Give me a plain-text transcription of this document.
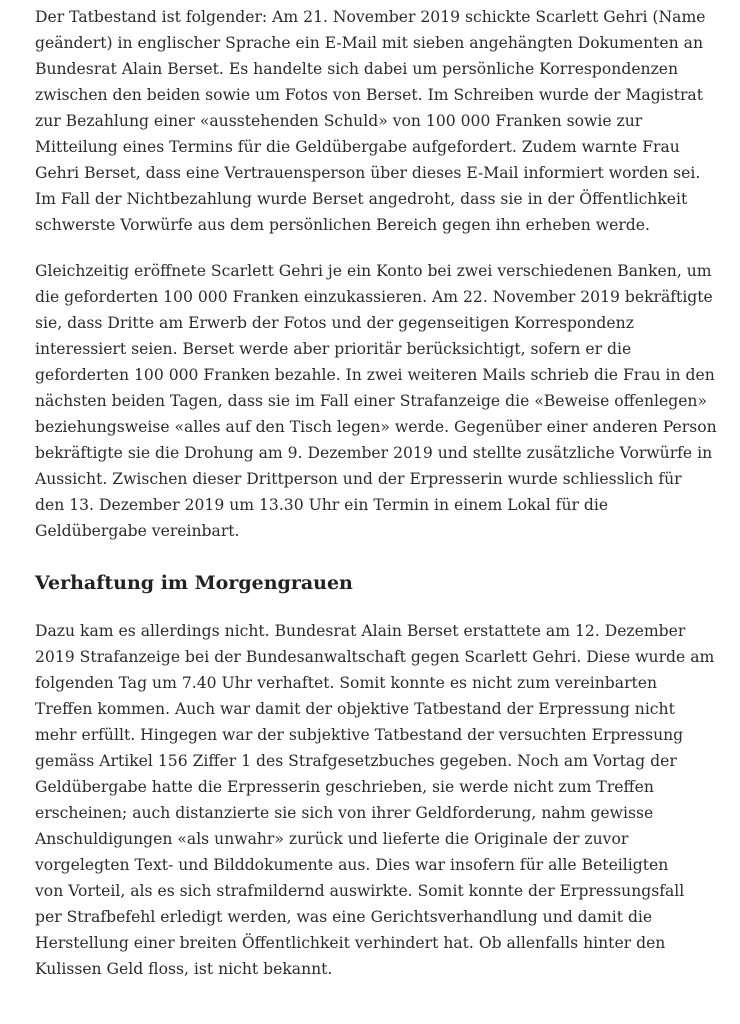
Der Tatbestand ist folgender: Am 21. November 2019 schickte Scarlett Gehri (Name
geändert) in englischer Sprache ein E-Mail mit sieben angehängten Dokumenten an
Bundesrat Alain Berset. Es handelte sich dabei um persönliche Korrespondenzen
zwischen den beiden sowie um Fotos von Berset. Im Schreiben wurde der Magistrat
zur Bezahlung einer «ausstehenden Schuld» von 100 000 Franken sowie zur
Mitteilung eines Termins für die Geldübergabe aufgefordert. Zudem warnte Frau
Gehri Berset, dass eine Vertrauensperson über dieses E-Mail informiert worden sei.
Im Fall der Nichtbezahlung wurde Berset angedroht, dass sie in der Öffentlichkeit
schwerste Vorwürfe aus dem persönlichen Bereich gegen ihn erheben werde.

Gleichzeitig eröffnete Scarlett Gehri je ein Konto bei zwei verschiedenen Banken, um
die geforderten 100 000 Franken einzukassieren. Am 22. November 2019 bekräftigte
sie, dass Dritte am Erwerb der Fotos und der gegenseitigen Korrespondenz
interessiert seien. Berset werde aber prioritär berücksichtigt, sofern er die
geforderten 100 000 Franken bezahle. In zwei weiteren Mails schrieb die Frau in den
nächsten beiden Tagen, dass sie im Fall einer Strafanzeige die «Beweise offenlegen»
beziehungsweise «alles auf den Tisch legen» werde. Gegenüber einer anderen Person
bekräftigte sie die Drohung am 9. Dezember 2019 und stellte zusätzliche Vorwürfe in
Aussicht. Zwischen dieser Drittperson und der Erpresserin wurde schliesslich für
den 13. Dezember 2019 um 13.30 Uhr ein Termin in einem Lokal für die
Geldübergabe vereinbart.

Verhaftung im Morgengrauen

Dazu kam es allerdings nicht. Bundesrat Alain Berset erstattete am 12. Dezember
2019 Strafanzeige bei der Bundesanwaltschaft gegen Scarlett Gehri. Diese wurde am
folgenden Tag um 7.40 Uhr verhaftet. Somit konnte es nicht zum vereinbarten
Treffen kommen. Auch war damit der objektive Tatbestand der Erpressung nicht
mehr erfüllt. Hingegen war der subjektive Tatbestand der versuchten Erpressung
gemäss Artikel 156 Ziffer 1 des Strafgesetzbuches gegeben. Noch am Vortag der
Geldübergabe hatte die Erpresserin geschrieben, sie werde nicht zum Treffen
erscheinen; auch distanzierte sie sich von ihrer Geldforderung, nahm gewisse
Anschuldigungen «als unwahr» zurück und lieferte die Originale der zuvor
vorgelegten Text- und Bilddokumente aus. Dies war insofern für alle Beteiligten
von Vorteil, als es sich strafmildernd auswirkte. Somit konnte der Erpressungsfall
per Strafbefehl erledigt werden, was eine Gerichtsverhandlung und damit die
Herstellung einer breiten Öffentlichkeit verhindert hat. Ob allenfalls hinter den
Kulissen Geld floss, ist nicht bekannt.
